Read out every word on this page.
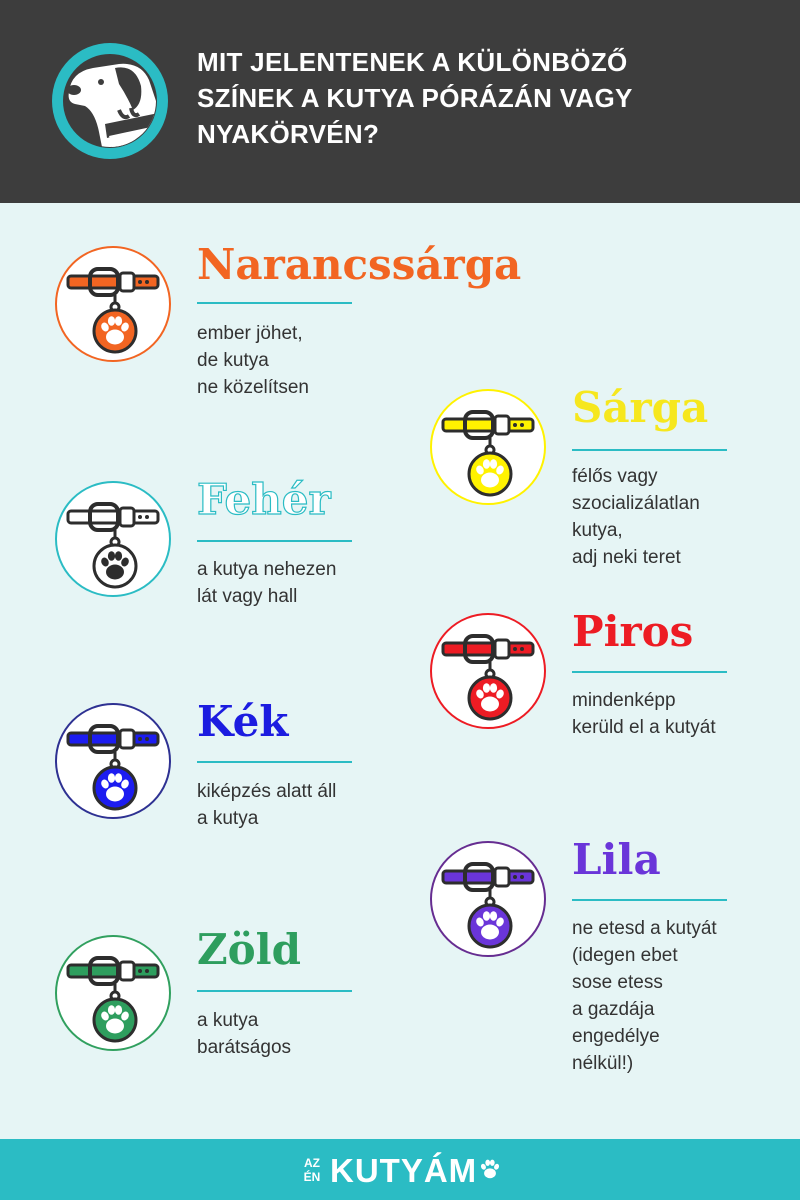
MIT JELENTENEK A KÜLÖNBÖZŐ
SZÍNEK A KUTYA PÓRÁZÁN VAGY
NYAKÖRVÉN?
Narancssárga
ember jöhet,
de kutya
ne közelítsen	Sárga
félős vagy
szocializálatlan
kutya,
adj neki teret
Fehér
a kutya nehezen
lát vagy hall
Piros
mindenképp
kerüld el a kutyát
Kék
kiképzés alatt áll
a kutya
Lila
ne etesd a kutyát
(idegen ebet
sose etess
a gazdája
engedélye
nélkül!)
Zöld
a kutya
barátságos
AZ
ÉN KUTYÁM
